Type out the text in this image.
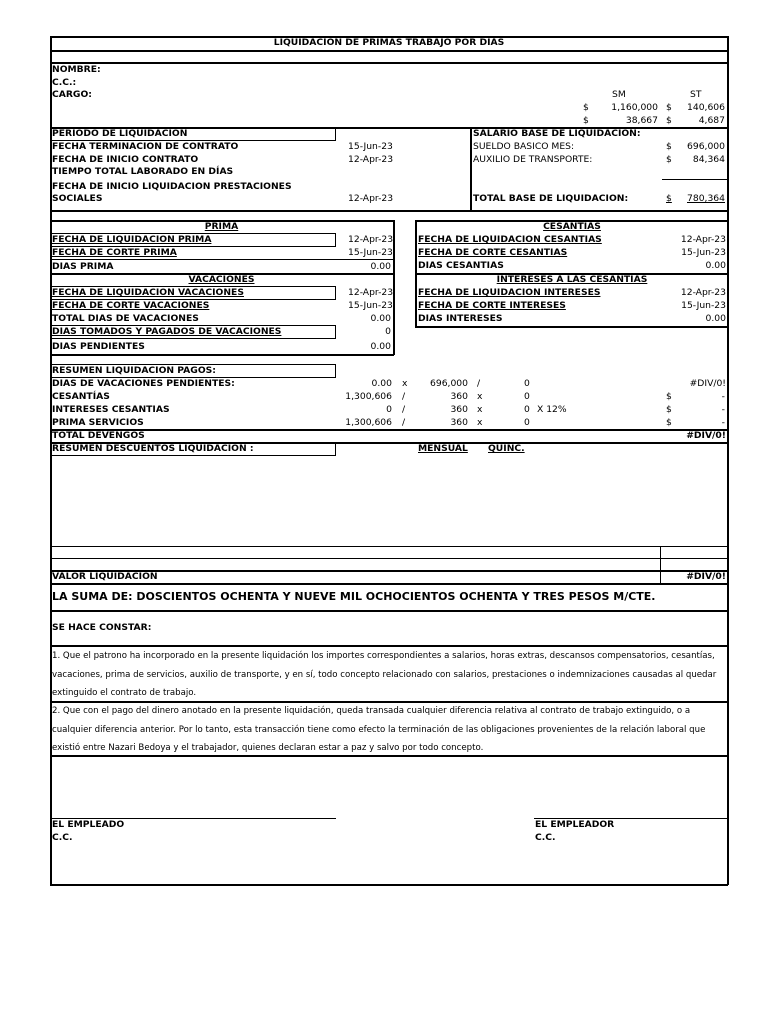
LIQUIDACION DE PRIMAS TRABAJO POR DÍAS
NOMBRE:
C.C.:
CARGO:	SM	ST
$	1,160,000 $	140,606
$	38,667 $	4,687
PERIODO DE LIQUIDACION
FECHA TERMINACION DE CONTRATO	15-Jun-23
FECHA DE INICIO CONTRATO	12-Apr-23
TIEMPO TOTAL LABORADO EN DÍAS
FECHA DE INICIO LIQUIDACION PRESTACIONES
SOCIALES	12-Apr-23
SALARIO BASE DE LIQUIDACION:
SUELDO BASICO MES:	$	696,000
AUXILIO DE TRANSPORTE:	$	84,364
TOTAL BASE DE LIQUIDACION:	$	780,364
PRIMA
FECHA DE LIQUIDACION PRIMA	12-Apr-23
FECHA DE CORTE PRIMA	15-Jun-23
DIAS PRIMA	0.00
VACACIONES
FECHA DE LIQUIDACION VACACIONES	12-Apr-23
FECHA DE CORTE VACACIONES	15-Jun-23
TOTAL DIAS DE VACACIONES	0.00
DIAS TOMADOS Y PAGADOS DE VACACIONES	0
DIAS PENDIENTES	0.00
CESANTIAS
FECHA DE LIQUIDACION CESANTIAS	12-Apr-23
FECHA DE CORTE CESANTIAS	15-Jun-23
DIAS CESANTIAS	0.00
INTERESES A LAS CESANTIAS
FECHA DE LIQUIDACION INTERESES	12-Apr-23
FECHA DE CORTE INTERESES	15-Jun-23
DIAS INTERESES	0.00
RESUMEN LIQUIDACION PAGOS:
DIAS DE VACACIONES PENDIENTES:	0.00 x	696,000 /	0	#DIV/0!
CESANTÍAS	1,300,606 /	360 x	0	$	-
INTERESES CESANTIAS	0 /	360 x	0 X 12%	$	-
PRIMA SERVICIOS	1,300,606 /	360 x	0	$	-
TOTAL DEVENGOS	#DIV/0!
RESUMEN DESCUENTOS LIQUIDACION :	MENSUAL QUINC.
VALOR LIQUIDACION	#DIV/0!
LA SUMA DE: DOSCIENTOS OCHENTA Y NUEVE MIL OCHOCIENTOS OCHENTA Y TRES PESOS M/CTE.
SE HACE CONSTAR:
1. Que el patrono ha incorporado en la presente liquidación los importes correspondientes a salarios, horas extras, descansos compensatorios, cesantías, vacaciones, prima de servicios, auxilio de transporte, y en sí, todo concepto relacionado con salarios, prestaciones o indemnizaciones causadas al quedar extinguido el contrato de trabajo.
2. Que con el pago del dinero anotado en la presente liquidación, queda transada cualquier diferencia relativa al contrato de trabajo extinguido, o a cualquier diferencia anterior. Por lo tanto, esta transacción tiene como efecto la terminación de las obligaciones provenientes de la relación laboral que existió entre Nazari Bedoya y el trabajador, quienes declaran estar a paz y salvo por todo concepto.
EL EMPLEADO
C.C.
EL EMPLEADOR
C.C.
